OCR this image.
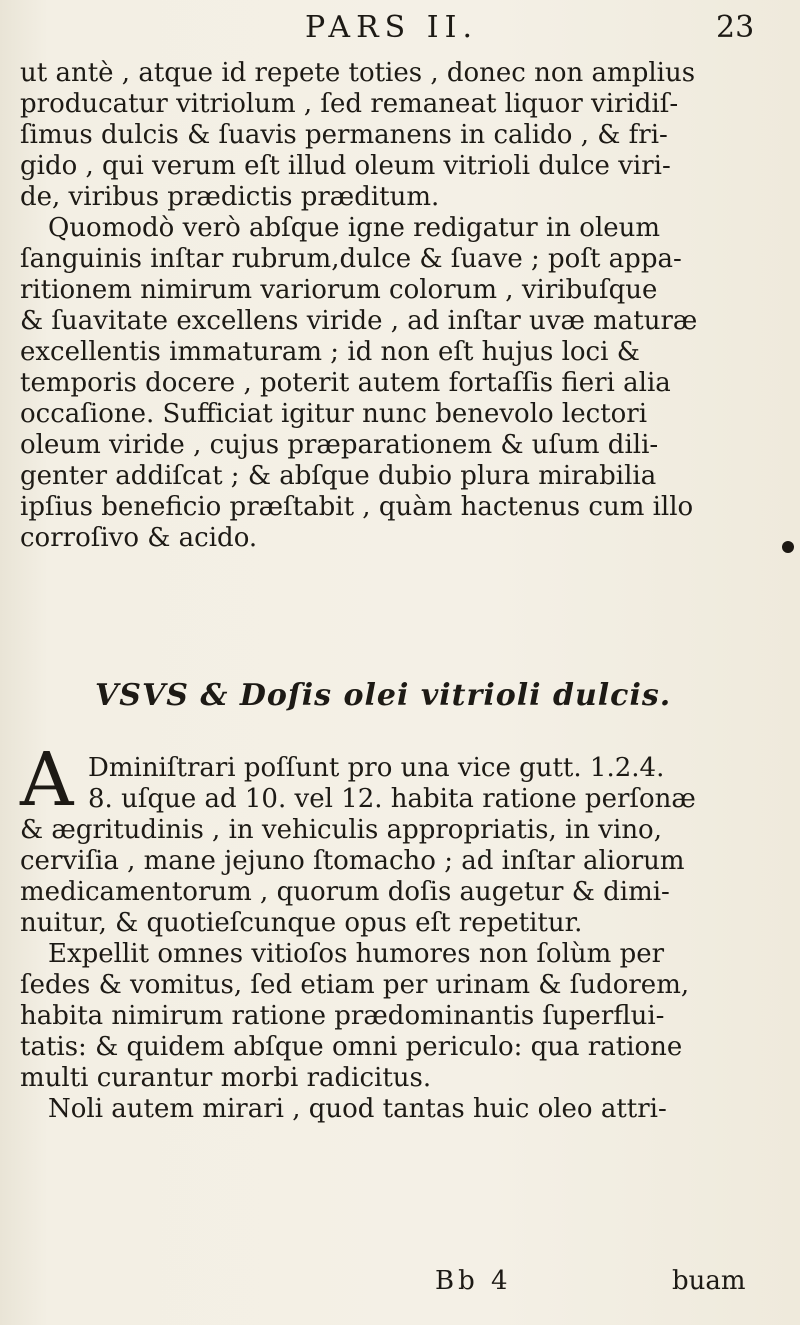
PARS II.	23
ut antè , atque id repete toties , donec non amplius
producatur vitriolum , ſed remaneat liquor viridiſ-
ſimus dulcis & ſuavis permanens in calido , & fri-
gido , qui verum eſt illud oleum vitrioli dulce viri-
de, viribus prædictis præditum.
Quomodò verò abſque igne redigatur in oleum
ſanguinis inſtar rubrum,dulce & ſuave ; poſt appa-
ritionem nimirum variorum colorum , viribuſque
& ſuavitate excellens viride , ad inſtar uvæ maturæ
excellentis immaturam ; id non eſt hujus loci &
temporis docere , poterit autem fortaſſis fieri alia
occaſione. Sufficiat igitur nunc benevolo lectori
oleum viride , cujus præparationem & uſum dili-
genter addiſcat ; & abſque dubio plura mirabilia
ipſius beneficio præſtabit , quàm hactenus cum illo
corroſivo & acido.
VSVS & Doſis olei vitrioli dulcis.
A Dminiſtrari poſſunt pro una vice gutt. 1.2.4.
8. uſque ad 10. vel 12. habita ratione perſonæ
& ægritudinis , in vehiculis appropriatis, in vino,
cerviſia , mane jejuno ſtomacho ; ad inſtar aliorum
medicamentorum , quorum doſis augetur & dimi-
nuitur, & quotieſcunque opus eſt repetitur.
Expellit omnes vitioſos humores non ſolùm per
ſedes & vomitus, ſed etiam per urinam & ſudorem,
habita nimirum ratione prædominantis ſuperflui-
tatis: & quidem abſque omni periculo: qua ratione
multi curantur morbi radicitus.
Noli autem mirari , quod tantas huic oleo attri-
Bb 4	buam
